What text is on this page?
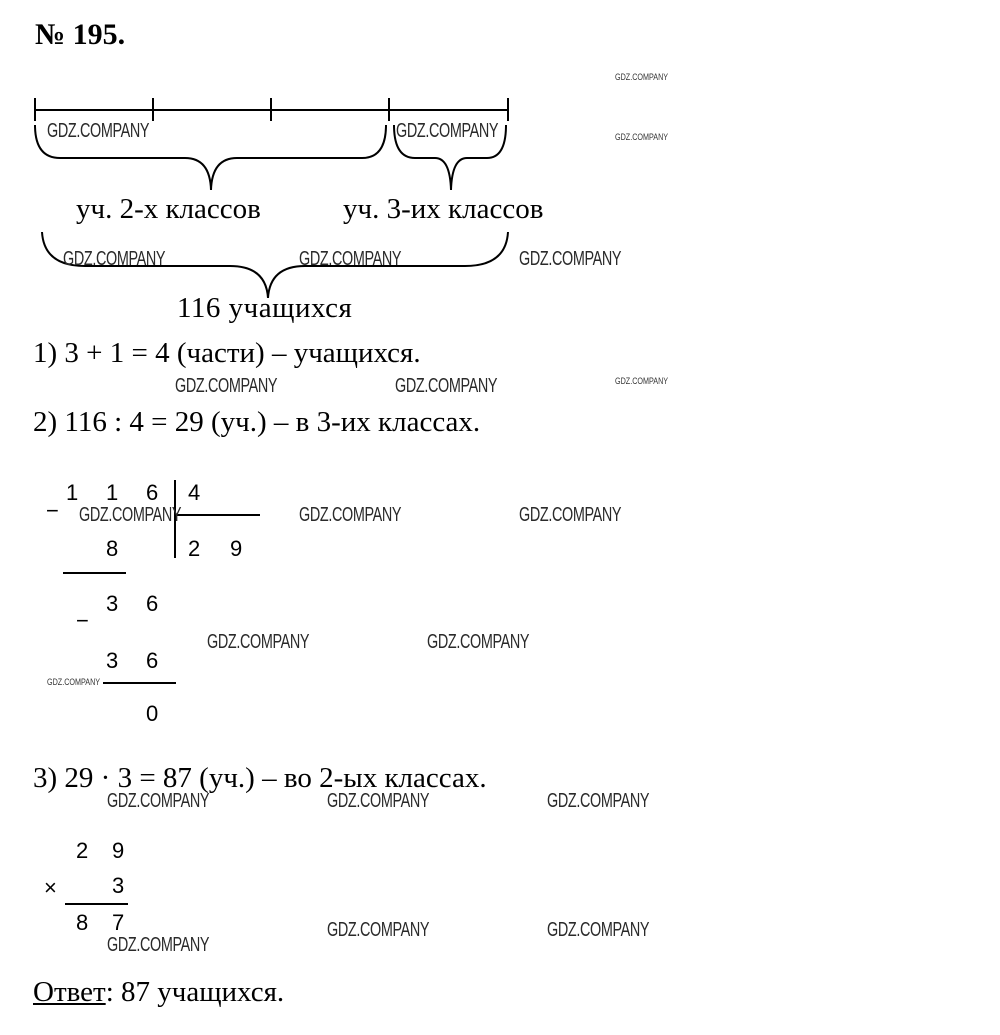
№ 195.
уч. 2-х классов	уч. 3-их классов
116 учащихся
1) 3 + 1 = 4 (части) – учащихся.
2) 116 : 4 = 29 (уч.) – в 3-их классах.
−
1 1 6 4
8	2 9
3 6
−
3 6
0
3) 29 · 3 = 87 (уч.) – во 2-ых классах.
2 9
×	3
8 7
Ответ: 87 учащихся.
GDZ.COMPANY
GDZ.COMPANY	GDZ.COMPANY	GDZ.COMPANY
GDZ.COMPANY	GDZ.COMPANY	GDZ.COMPANY
GDZ.COMPANY	GDZ.COMPANY	GDZ.COMPANY
GDZ.COMPANY	GDZ.COMPANY	GDZ.COMPANY
GDZ.COMPANY	GDZ.COMPANY
GDZ.COMPANY
GDZ.COMPANY	GDZ.COMPANY	GDZ.COMPANY
GDZ.COMPANY
GDZ.COMPANY	GDZ.COMPANY
